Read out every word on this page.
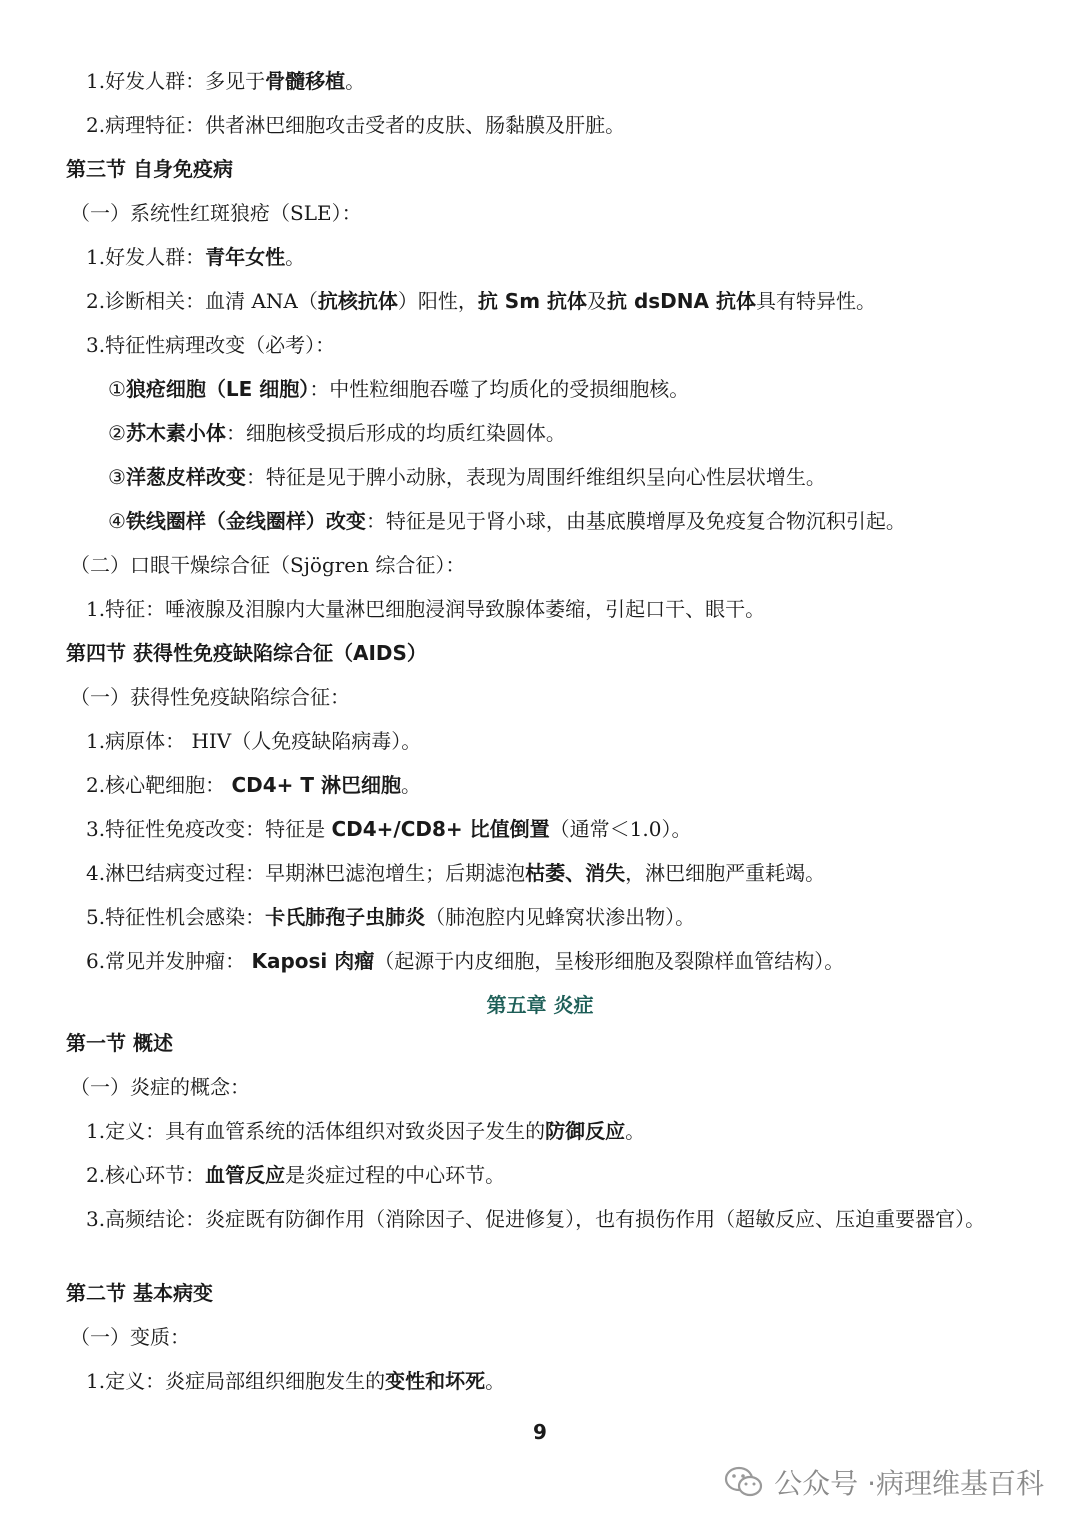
1.好发人群：多见于骨髓移植。

2.病理特征：供者淋巴细胞攻击受者的皮肤、肠黏膜及肝脏。

第三节 自身免疫病

（一）系统性红斑狼疮（SLE）：

1.好发人群：青年女性。

2.诊断相关：血清 ANA（抗核抗体）阳性，抗 Sm 抗体及抗 dsDNA 抗体具有特异性。

3.特征性病理改变（必考）：

①狼疮细胞（LE 细胞）：中性粒细胞吞噬了均质化的受损细胞核。

②苏木素小体：细胞核受损后形成的均质红染圆体。

③洋葱皮样改变：特征是见于脾小动脉，表现为周围纤维组织呈向心性层状增生。

④铁线圈样（金线圈样）改变：特征是见于肾小球，由基底膜增厚及免疫复合物沉积引起。

（二）口眼干燥综合征（Sjögren 综合征）：

1.特征：唾液腺及泪腺内大量淋巴细胞浸润导致腺体萎缩，引起口干、眼干。

第四节 获得性免疫缺陷综合征（AIDS）

（一）获得性免疫缺陷综合征：

1.病原体： HIV（人免疫缺陷病毒）。

2.核心靶细胞： CD4+ T 淋巴细胞。

3.特征性免疫改变：特征是 CD4+/CD8+ 比值倒置（通常＜1.0）。

4.淋巴结病变过程：早期淋巴滤泡增生；后期滤泡枯萎、消失，淋巴细胞严重耗竭。

5.特征性机会感染：卡氏肺孢子虫肺炎（肺泡腔内见蜂窝状渗出物）。

6.常见并发肿瘤： Kaposi 肉瘤（起源于内皮细胞，呈梭形细胞及裂隙样血管结构）。

第五章 炎症

第一节 概述

（一）炎症的概念：

1.定义：具有血管系统的活体组织对致炎因子发生的防御反应。

2.核心环节：血管反应是炎症过程的中心环节。

3.高频结论：炎症既有防御作用（消除因子、促进修复），也有损伤作用（超敏反应、压迫重要器官）。

第二节 基本病变

（一）变质：

1.定义：炎症局部组织细胞发生的变性和坏死。

9
公众号 · 病理维基百科
